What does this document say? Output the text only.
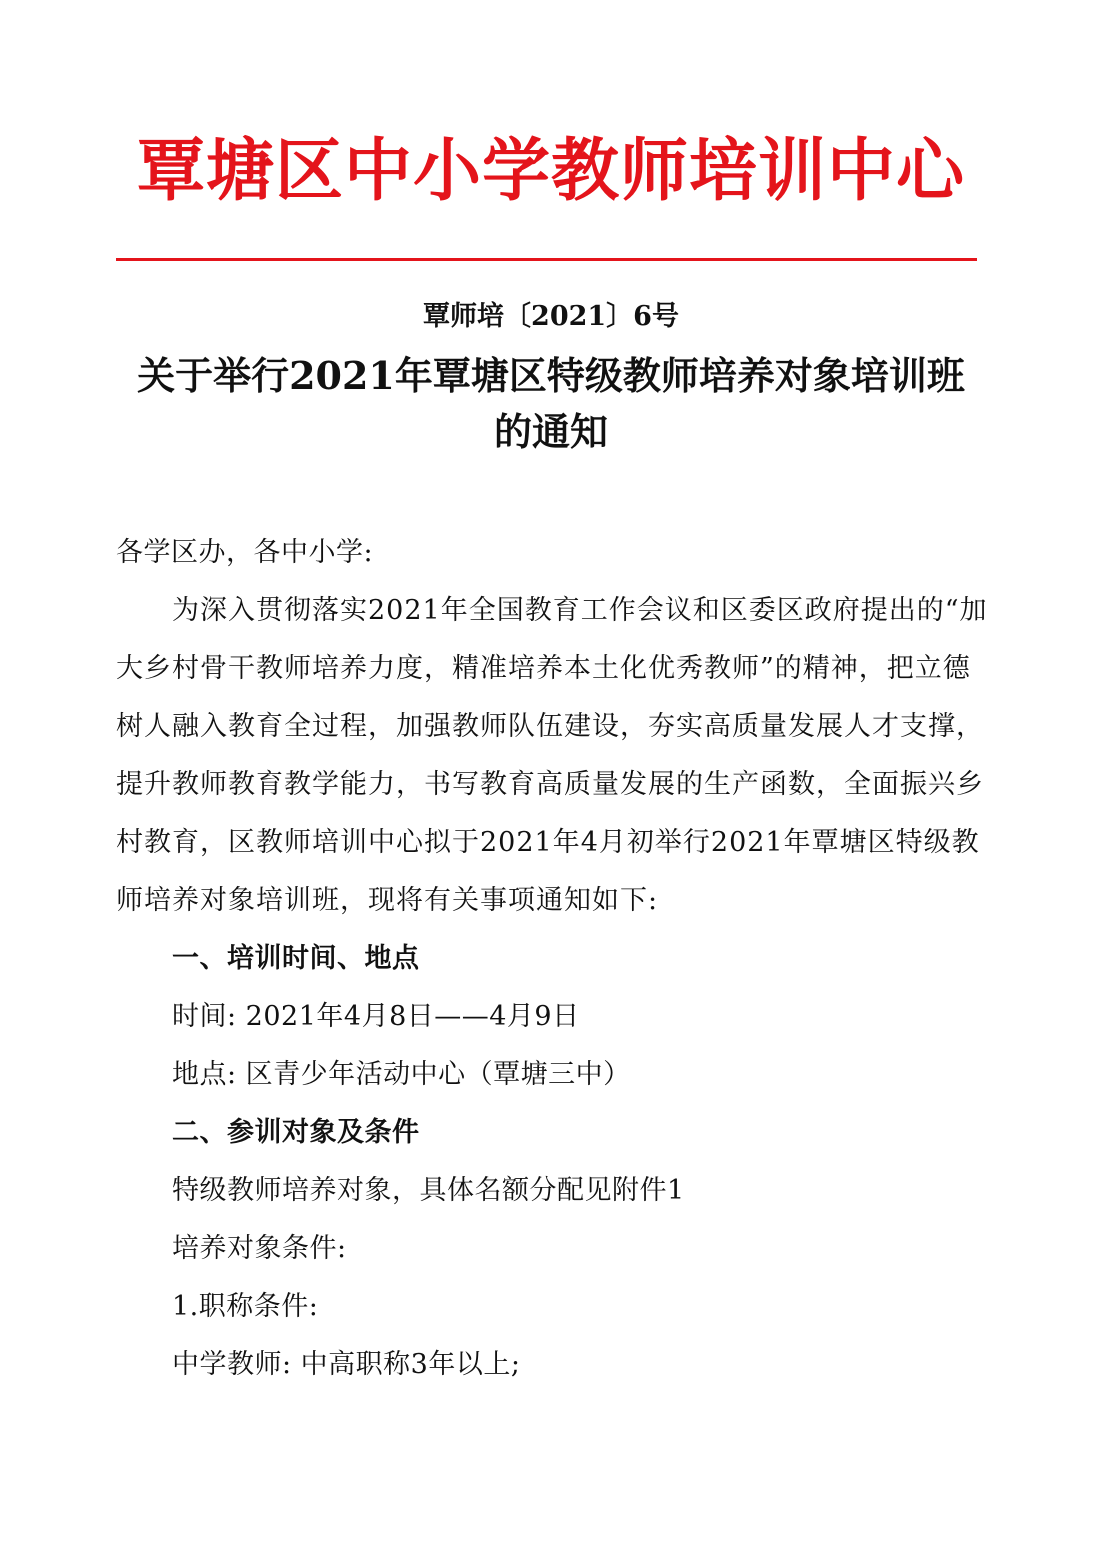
覃塘区中小学教师培训中心
覃师培〔2021〕6号
关于举行2021年覃塘区特级教师培养对象培训班
的通知
各学区办，各中小学:
为深入贯彻落实2021年全国教育工作会议和区委区政府提出的“加
大乡村骨干教师培养力度，精准培养本土化优秀教师”的精神，把立德
树人融入教育全过程，加强教师队伍建设，夯实高质量发展人才支撑，
提升教师教育教学能力，书写教育高质量发展的生产函数，全面振兴乡
村教育，区教师培训中心拟于2021年4月初举行2021年覃塘区特级教
师培养对象培训班，现将有关事项通知如下:
一、培训时间、地点
时间: 2021年4月8日——4月9日
地点: 区青少年活动中心（覃塘三中）
二、参训对象及条件
特级教师培养对象，具体名额分配见附件1
培养对象条件:
1.职称条件:
中学教师: 中高职称3年以上;
